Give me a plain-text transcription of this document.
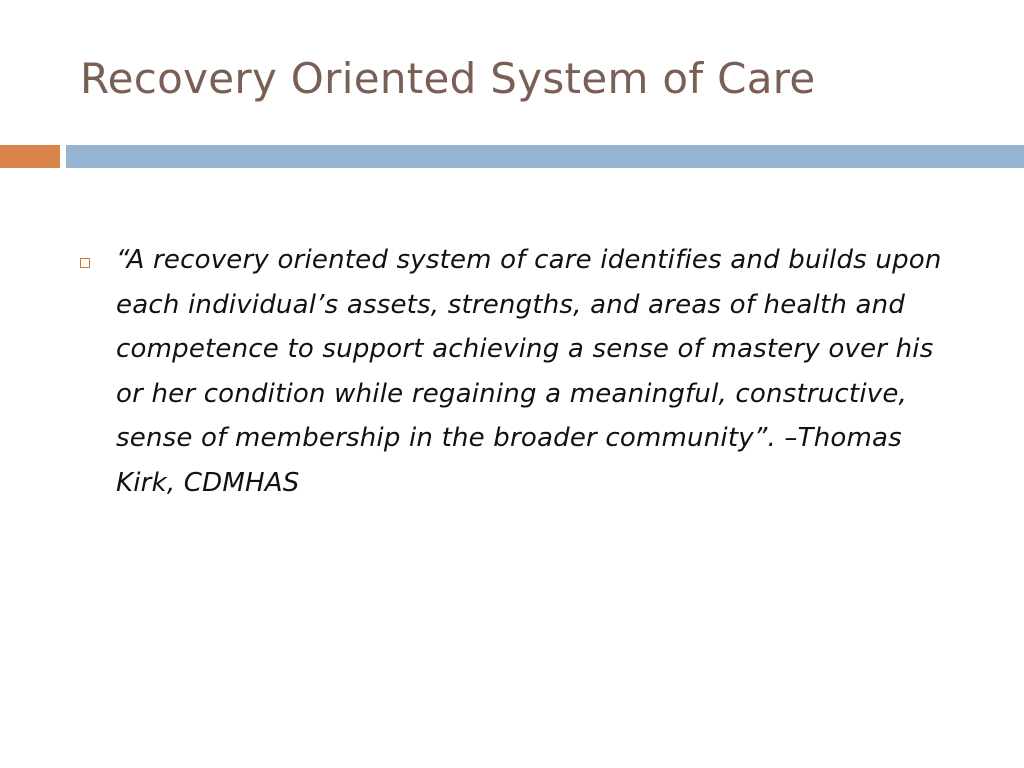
Recovery Oriented System of Care

“A recovery oriented system of care identifies and builds upon each individual’s assets, strengths, and areas of health and competence to support achieving a sense of mastery over his or her condition while regaining a meaningful, constructive, sense of membership in the broader community”. –Thomas Kirk, CDMHAS
